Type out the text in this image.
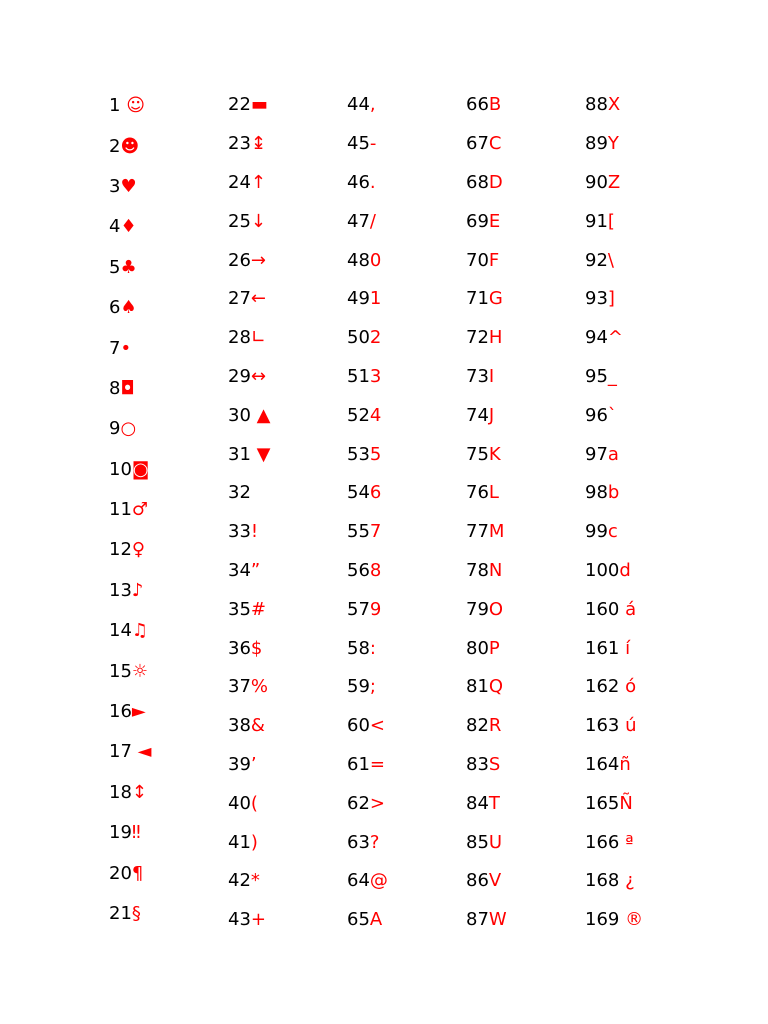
1 ☺
2 ☻
3 ♥
4 ♦
5 ♣
6 ♠
7 •
8 ◘
9 ○
10 ◙
11 ♂
12 ♀
13 ♪
14 ♫
15 ☼
16 ►
17 ◄
18 ↕
19 ‼
20 ¶
21 §
22 ▬
23 ↨
24 ↑
25 ↓
26 →
27 ←
28 ∟
29 ↔
30 ▲
31 ▼
32
33 !
34 ”
35 #
36 $
37 %
38 &
39 ’
40 (
41 )
42 *
43 +
44 ,
45 -
46 .
47 /
48 0
49 1
50 2
51 3
52 4
53 5
54 6
55 7
56 8
57 9
58 :
59 ;
60 <
61 =
62 >
63 ?
64 @
65 A
66 B
67 C
68 D
69 E
70 F
71 G
72 H
73 I
74 J
75 K
76 L
77 M
78 N
79 O
80 P
81 Q
82 R
83 S
84 T
85 U
86 V
87 W
88 X
89 Y
90 Z
91 [
92 \
93 ]
94 ^
95 _
96 `
97 a
98 b
99 c
100 d
160 á
161 í
162 ó
163 ú
164 ñ
165 Ñ
166 ª
168 ¿
169 ®
